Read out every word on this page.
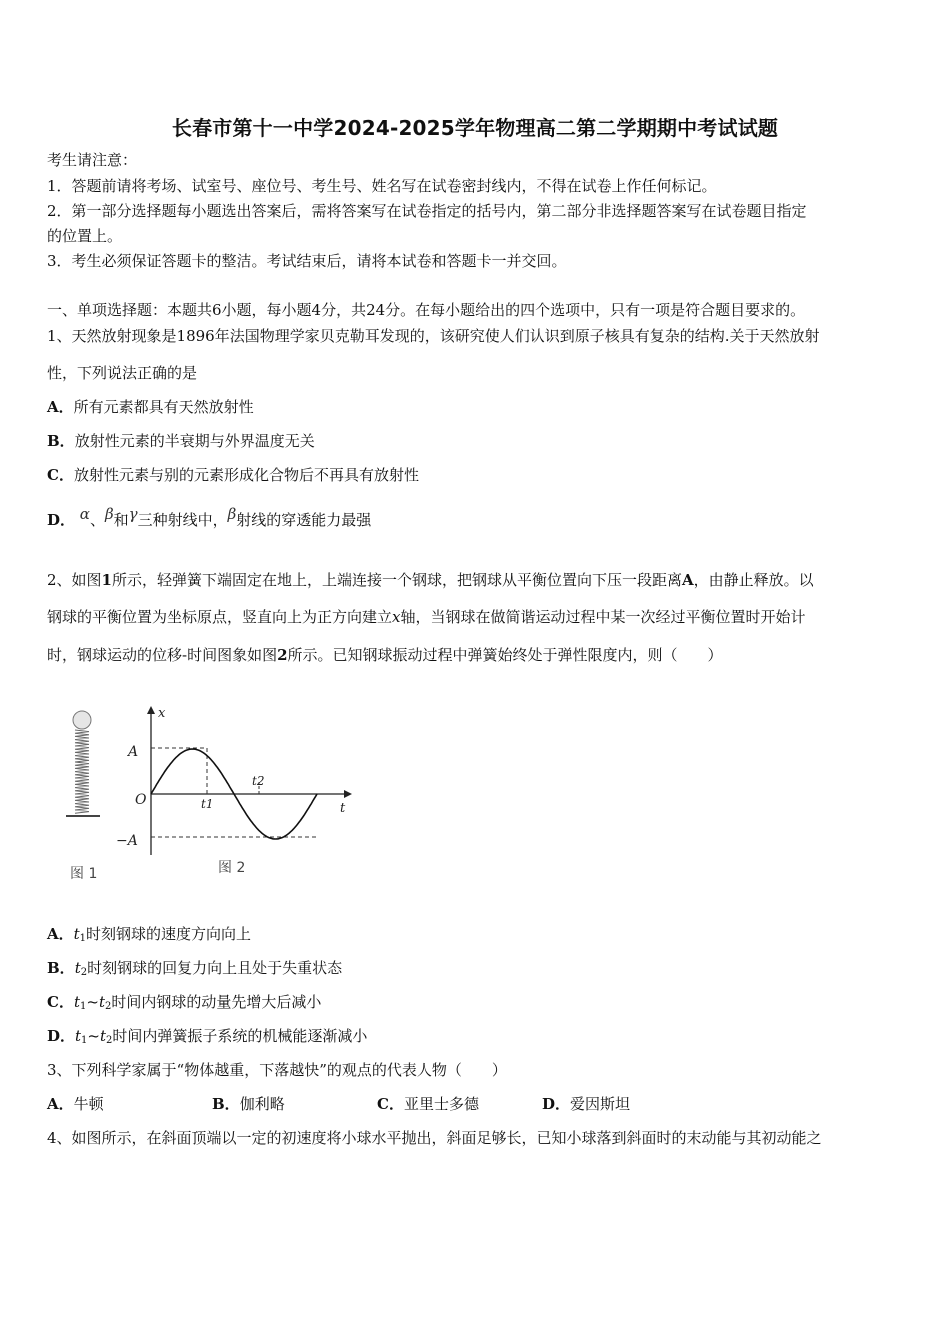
长春市第十一中学2024-2025学年物理高二第二学期期中考试试题
考生请注意：
1．答题前请将考场、试室号、座位号、考生号、姓名写在试卷密封线内，不得在试卷上作任何标记。
2．第一部分选择题每小题选出答案后，需将答案写在试卷指定的括号内，第二部分非选择题答案写在试卷题目指定
的位置上。
3．考生必须保证答题卡的整洁。考试结束后，请将本试卷和答题卡一并交回。
一、单项选择题：本题共6小题，每小题4分，共24分。在每小题给出的四个选项中，只有一项是符合题目要求的。
1、天然放射现象是1896年法国物理学家贝克勒耳发现的，该研究使人们认识到原子核具有复杂的结构.关于天然放射
性，下列说法正确的是
A．所有元素都具有天然放射性
B．放射性元素的半衰期与外界温度无关
C．放射性元素与别的元素形成化合物后不再具有放射性
D． α、β和γ三种射线中，β射线的穿透能力最强
2、如图1所示，轻弹簧下端固定在地上，上端连接一个钢球，把钢球从平衡位置向下压一段距离A，由静止释放。以
钢球的平衡位置为坐标原点，竖直向上为正方向建立x轴，当钢球在做简谐运动过程中某一次经过平衡位置时开始计
时，钢球运动的位移-时间图象如图2所示。已知钢球振动过程中弹簧始终处于弹性限度内，则（　　）
图 1
x
t
O
A
−A
t1
t2
图 2
A．$t_1$时刻钢球的速度方向向上
B．$t_2$时刻钢球的回复力向上且处于失重状态
C．$t_1\sim t_2$时间内钢球的动量先增大后减小
D．$t_1\sim t_2$时间内弹簧振子系统的机械能逐渐减小
3、下列科学家属于“物体越重，下落越快”的观点的代表人物（　　）
A．牛顿	B．伽利略	C．亚里士多德	D．爱因斯坦
4、如图所示，在斜面顶端以一定的初速度将小球水平抛出，斜面足够长，已知小球落到斜面时的末动能与其初动能之
